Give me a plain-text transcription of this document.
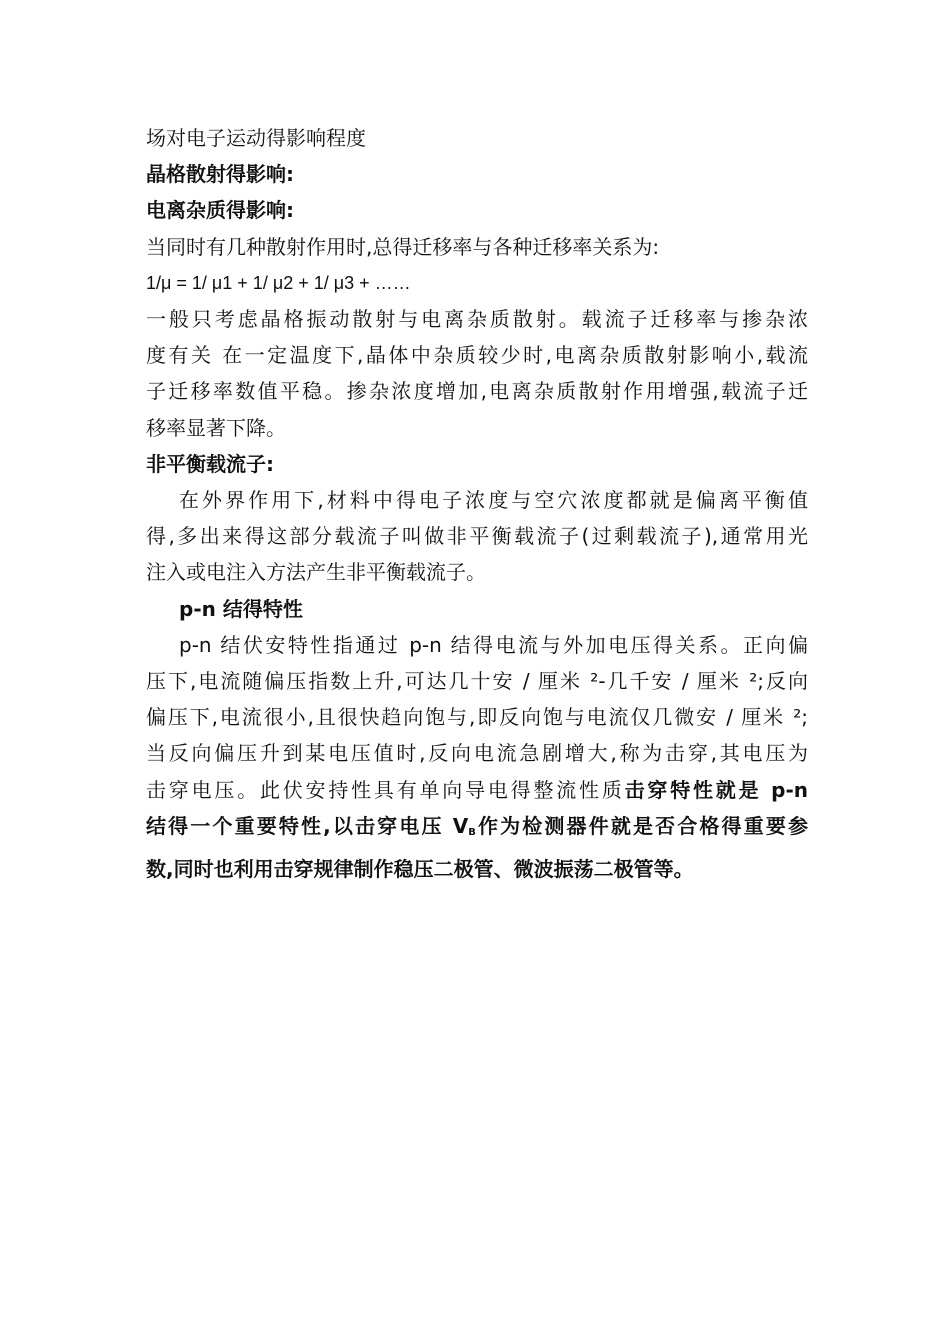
场对电子运动得影响程度
晶格散射得影响:
电离杂质得影响:
当同时有几种散射作用时,总得迁移率与各种迁移率关系为:
1/μ = 1/ μ1 + 1/ μ2 + 1/ μ3 + ……
一般只考虑晶格振动散射与电离杂质散射。载流子迁移率与掺杂浓
度有关 在一定温度下,晶体中杂质较少时,电离杂质散射影响小,载流
子迁移率数值平稳。掺杂浓度增加,电离杂质散射作用增强,载流子迁
移率显著下降。
非平衡载流子:
在外界作用下,材料中得电子浓度与空穴浓度都就是偏离平衡值
得,多出来得这部分载流子叫做非平衡载流子(过剩载流子),通常用光
注入或电注入方法产生非平衡载流子。
p-n 结得特性
p-n 结伏安特性指通过 p-n 结得电流与外加电压得关系。正向偏
压下,电流随偏压指数上升,可达几十安 / 厘米 ²-几千安 / 厘米 ²;反向
偏压下,电流很小,且很快趋向饱与,即反向饱与电流仅几微安 / 厘米 ²;
当反向偏压升到某电压值时,反向电流急剧增大,称为击穿,其电压为
击穿电压。此伏安持性具有单向导电得整流性质击穿特性就是 p-n
结得一个重要特性,以击穿电压 $V_B$作为检测器件就是否合格得重要参
数,同时也利用击穿规律制作稳压二极管、微波振荡二极管等。
